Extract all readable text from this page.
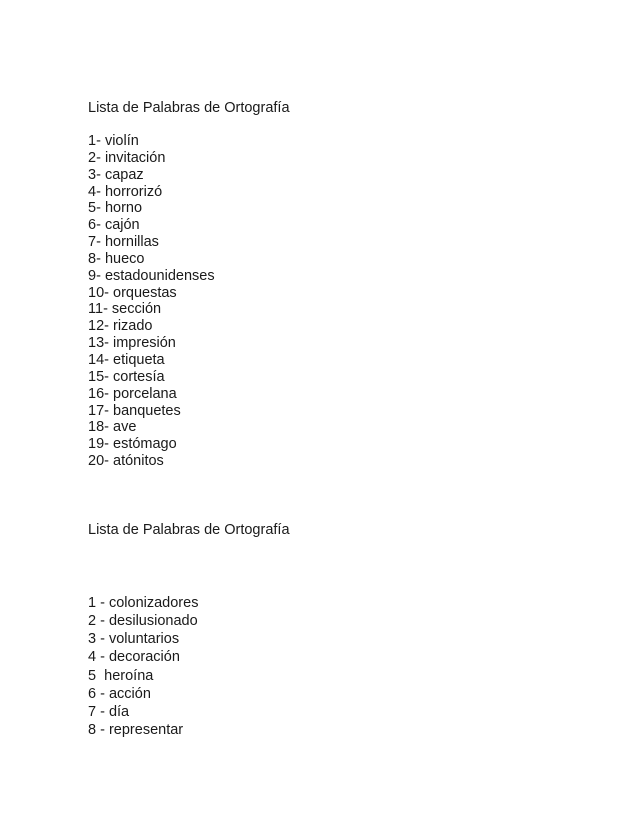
Lista de Palabras de Ortografía
1- violín
2- invitación
3- capaz
4- horrorizó
5- horno
6- cajón
7- hornillas
8- hueco
9- estadounidenses
10- orquestas
11- sección
12- rizado
13- impresión
14- etiqueta
15- cortesía
16- porcelana
17- banquetes
18- ave
19- estómago
20- atónitos
Lista de Palabras de Ortografía
1 - colonizadores
2 - desilusionado
3 - voluntarios
4 - decoración
5 heroína
6 - acción
7 - día
8 - representar
